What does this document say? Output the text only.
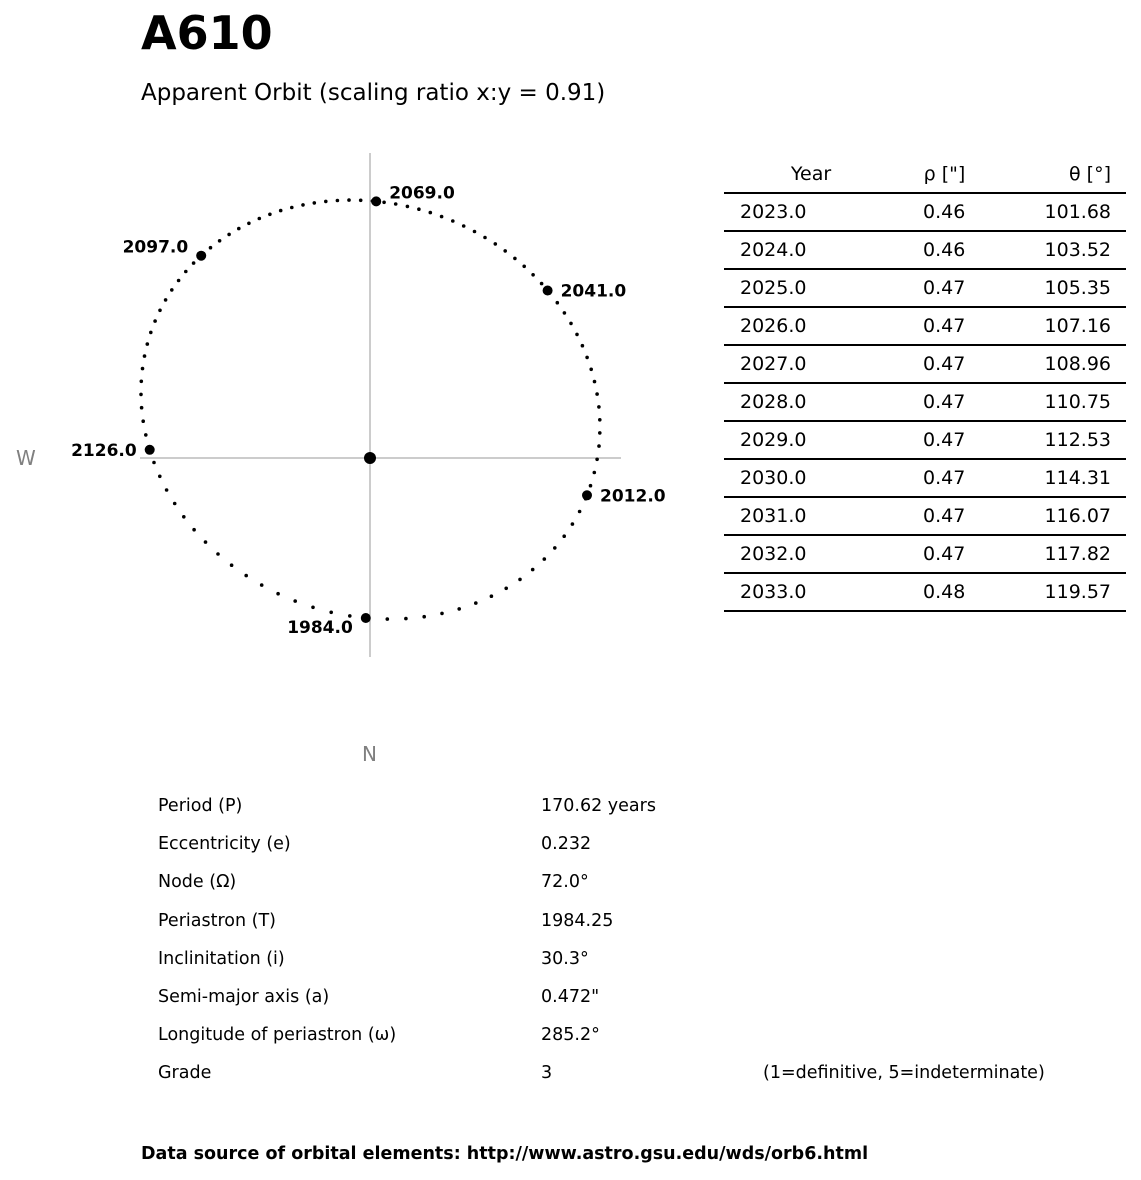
A610
Apparent Orbit (scaling ratio x:y = 0.91)
1984.0
2012.0
2041.0
2069.0
2097.0
2126.0
W
N
Year	ρ ["]	θ [°]
2023.0	0.46	101.68
2024.0	0.46	103.52
2025.0	0.47	105.35
2026.0	0.47	107.16
2027.0	0.47	108.96
2028.0	0.47	110.75
2029.0	0.47	112.53
2030.0	0.47	114.31
2031.0	0.47	116.07
2032.0	0.47	117.82
2033.0	0.48	119.57
Period (P)	170.62 years
Eccentricity (e)	0.232
Node (Ω)	72.0°
Periastron (T)	1984.25
Inclinitation (i)	30.3°
Semi-major axis (a)	0.472"
Longitude of periastron (ω)	285.2°
Grade	3	(1=definitive, 5=indeterminate)
Data source of orbital elements: http://www.astro.gsu.edu/wds/orb6.html
